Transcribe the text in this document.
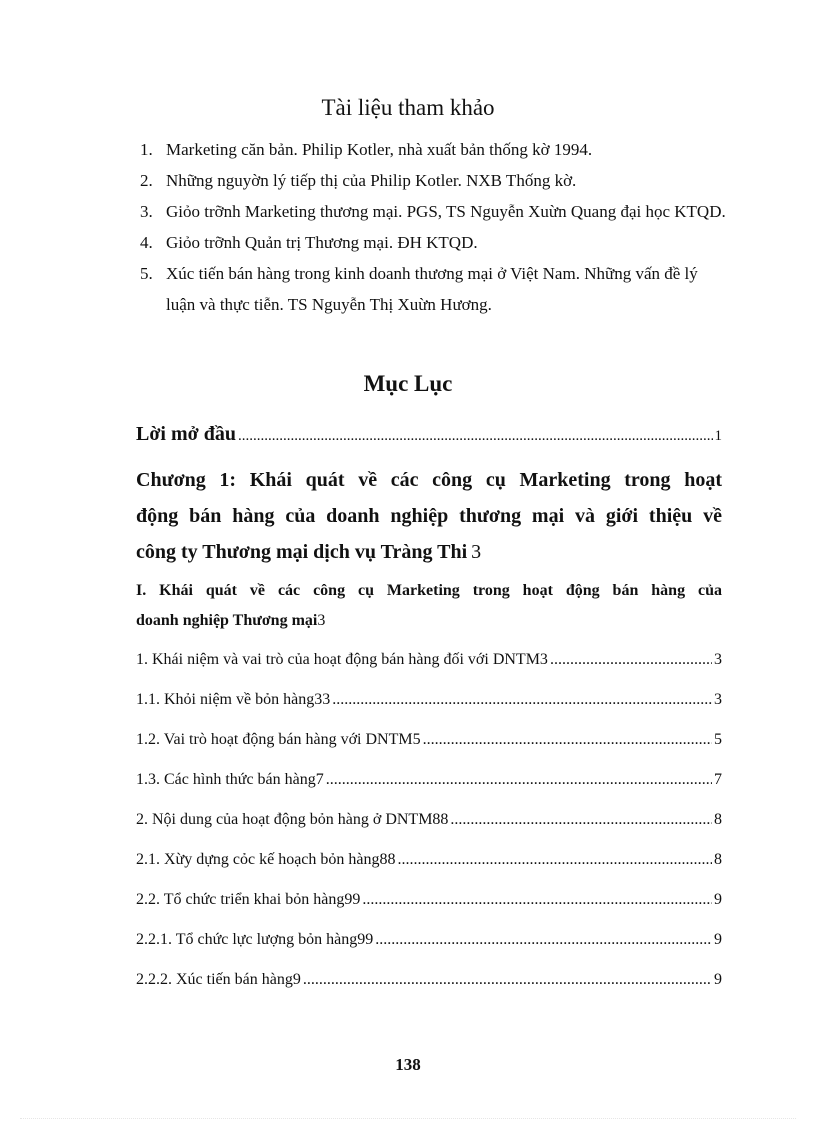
Tài liệu tham khảo
1. Marketing căn bản. Philip Kotler, nhà xuất bản thống kờ 1994.
2. Những nguyờn lý tiếp thị của Philip Kotler. NXB Thống kờ.
3. Giỏo trỡnh Marketing thương mại. PGS, TS Nguyễn Xuừn Quang đại học KTQD.
4. Giỏo trỡnh Quản trị Thương mại. ĐH KTQD.
5. Xúc tiến bán hàng trong kinh doanh thương mại ở Việt Nam. Những vấn đề lý luận và thực tiễn. TS Nguyễn Thị Xuừn Hương.
Mục Lục
Lời mở đầu .....	1
Chương 1: Khái quát về các công cụ Marketing trong hoạt
động bán hàng của doanh nghiệp thương mại và giới thiệu về
công ty Thương mại dịch vụ Tràng Thi 3
I. Khái quát về các công cụ Marketing trong hoạt động bán hàng của
doanh nghiệp Thương mại 3
1. Khái niệm và vai trò của hoạt động bán hàng đối với DNTM3 .....	3
1.1. Khỏi niệm về bỏn hàng33 .....	3
1.2. Vai trò hoạt động bán hàng với DNTM5 .....	5
1.3. Các hình thức bán hàng7 .....	7
2. Nội dung của hoạt động bỏn hàng ở DNTM88 .....	8
2.1. Xừy dựng cỏc kế hoạch bỏn hàng88 .....	8
2.2. Tổ chức triển khai bỏn hàng99 .....	9
2.2.1. Tổ chức lực lượng bỏn hàng99 .....	9
2.2.2. Xúc tiến bán hàng9 .....	9
138
